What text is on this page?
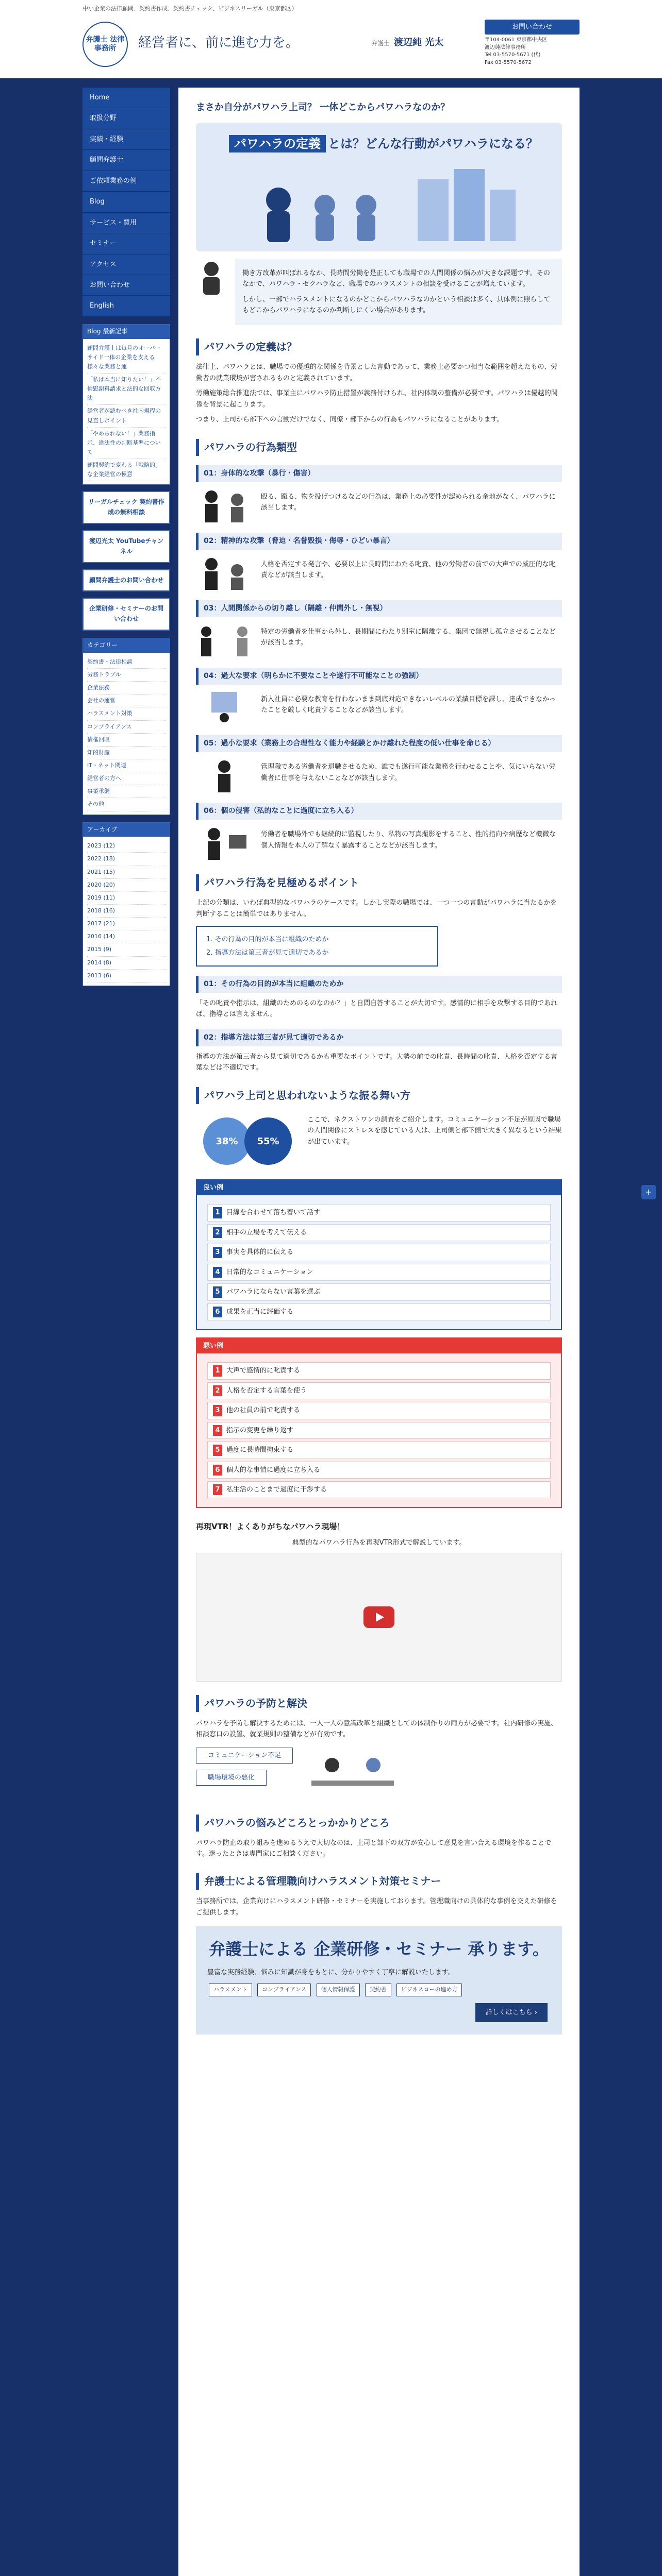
中小企業の法律顧問、契約書作成、契約書チェック、ビジネスリーガル（東京都区）
弁護士 法律 事務所	経営者に、前に進む力を。	弁護士 渡辺純 光太
お問い合わせ

〒104-0061 東京都中央区
渡辺純法律事務所
Tel 03-5570-5671 (代)
Fax 03-5570-5672

Home
取扱分野
実績・経験
顧問弁護士
ご依頼業務の例
Blog
サービス・費用
セミナー
アクセス
お問い合わせ
English
Blog 最新記事
顧問弁護士は毎月のオーバーサイド一体の企業を支える様々な業務と運
「私は本当に知りたい！」不倫慰謝料請求と法的な回収方法
経営者が読むべき社内規程の見直しポイント
「やめられない！」業務指示、違法性の判断基準について
顧問契約で変わる「戦略的」な企業経営の極意
リーガルチェック 契約書作成の無料相談
渡辺光太 YouTubeチャンネル
顧問弁護士のお問い合わせ
企業研修・セミナーのお問い合わせ
カテゴリー
契約書・法律相談
労務トラブル
企業法務
会社の運営
ハラスメント対策
コンプライアンス
債権回収
知的財産
IT・ネット関連
経営者の方へ
事業承継
その他
アーカイブ
2023 (12)
2022 (18)
2021 (15)
2020 (20)
2019 (11)
2018 (16)
2017 (21)
2016 (14)
2015 (9)
2014 (8)
2013 (6)
まさか自分がパワハラ上司？ 一体どこからパワハラなのか？
パワハラの定義 とは？どんな行動がパワハラになる？

働き方改革が叫ばれるなか、長時間労働を是正しても職場での人間関係の悩みが大きな課題です。そのなかで、パワハラ・セクハラなど、職場でのハラスメントの相談を受けることが増えています。

しかし、一部でハラスメントになるのかどこからパワハラなのかという相談は多く、具体例に照らしてもどこからパワハラになるのか判断しにくい場合があります。

パワハラの定義は？

法律上、パワハラとは、職場での優越的な関係を背景とした言動であって、業務上必要かつ相当な範囲を超えたもの、労働者の就業環境が害されるものと定義されています。

労働施策総合推進法では、事業主にパワハラ防止措置が義務付けられ、社内体制の整備が必要です。パワハラは優越的関係を背景に起こります。

つまり、上司から部下への言動だけでなく、同僚・部下からの行為もパワハラになることがあります。

パワハラの行為類型
01：身体的な攻撃（暴行・傷害）

殴る、蹴る、物を投げつけるなどの行為は、業務上の必要性が認められる余地がなく、パワハラに該当します。

02：精神的な攻撃（脅迫・名誉毀損・侮辱・ひどい暴言）

人格を否定する発言や、必要以上に長時間にわたる叱責、他の労働者の前での大声での威圧的な叱責などが該当します。

03：人間関係からの切り離し（隔離・仲間外し・無視）

特定の労働者を仕事から外し、長期間にわたり別室に隔離する、集団で無視し孤立させることなどが該当します。

04：過大な要求（明らかに不要なことや遂行不可能なことの強制）

新入社員に必要な教育を行わないまま到底対応できないレベルの業績目標を課し、達成できなかったことを厳しく叱責することなどが該当します。

05：過小な要求（業務上の合理性なく能力や経験とかけ離れた程度の低い仕事を命じる）

管理職である労働者を退職させるため、誰でも遂行可能な業務を行わせることや、気にいらない労働者に仕事を与えないことなどが該当します。

06：個の侵害（私的なことに過度に立ち入る）

労働者を職場外でも継続的に監視したり、私物の写真撮影をすること、性的指向や病歴など機微な個人情報を本人の了解なく暴露することなどが該当します。

パワハラ行為を見極めるポイント

上記の分類は、いわば典型的なパワハラのケースです。しかし実際の職場では、一つ一つの言動がパワハラに当たるかを判断することは簡単ではありません。

1. その行為の目的が本当に組織のためか
2. 指導方法は第三者が見て適切であるか
01：その行為の目的が本当に組織のためか

「その叱責や指示は、組織のためのものなのか？」と自問自答することが大切です。感情的に相手を攻撃する目的であれば、指導とは言えません。

02：指導方法は第三者が見て適切であるか

指導の方法が第三者から見て適切であるかも重要なポイントです。大勢の前での叱責、長時間の叱責、人格を否定する言葉などは不適切です。

パワハラ上司と思われないような振る舞い方
38% 55%

ここで、ネクストワンの調査をご紹介します。コミュニケーション不足が原因で職場の人間関係にストレスを感じている人は、上司側と部下側で大きく異なるという結果が出ています。

良い例
1 目線を合わせて落ち着いて話す
2 相手の立場を考えて伝える
3 事実を具体的に伝える
4 日常的なコミュニケーション
5 パワハラにならない言葉を選ぶ
6 成果を正当に評価する
悪い例
1 大声で感情的に叱責する
2 人格を否定する言葉を使う
3 他の社員の前で叱責する
4 指示の変更を繰り返す
5 過度に長時間拘束する
6 個人的な事情に過度に立ち入る
7 私生活のことまで過度に干渉する
再現VTR！よくありがちなパワハラ現場！

典型的なパワハラ行為を再現VTR形式で解説しています。

パワハラの予防と解決

パワハラを予防し解決するためには、一人一人の意識改革と組織としての体制作りの両方が必要です。社内研修の実施、相談窓口の設置、就業規則の整備などが有効です。

コミュニケーション不足
職場環境の悪化
パワハラの悩みどころとっかかりどころ

パワハラ防止の取り組みを進めるうえで大切なのは、上司と部下の双方が安心して意見を言い合える環境を作ることです。迷ったときは専門家にご相談ください。

弁護士による管理職向けハラスメント対策セミナー

当事務所では、企業向けにハラスメント研修・セミナーを実施しております。管理職向けの具体的な事例を交えた研修をご提供します。

弁護士による 企業研修・セミナー 承ります。

豊富な実務経験、悩みに知識が身をもとに、分かりやすく丁寧に解説いたします。

ハラスメント	コンプライアンス	個人情報保護	契約書	ビジネスローの進め方
詳しくはこちら ›
+
